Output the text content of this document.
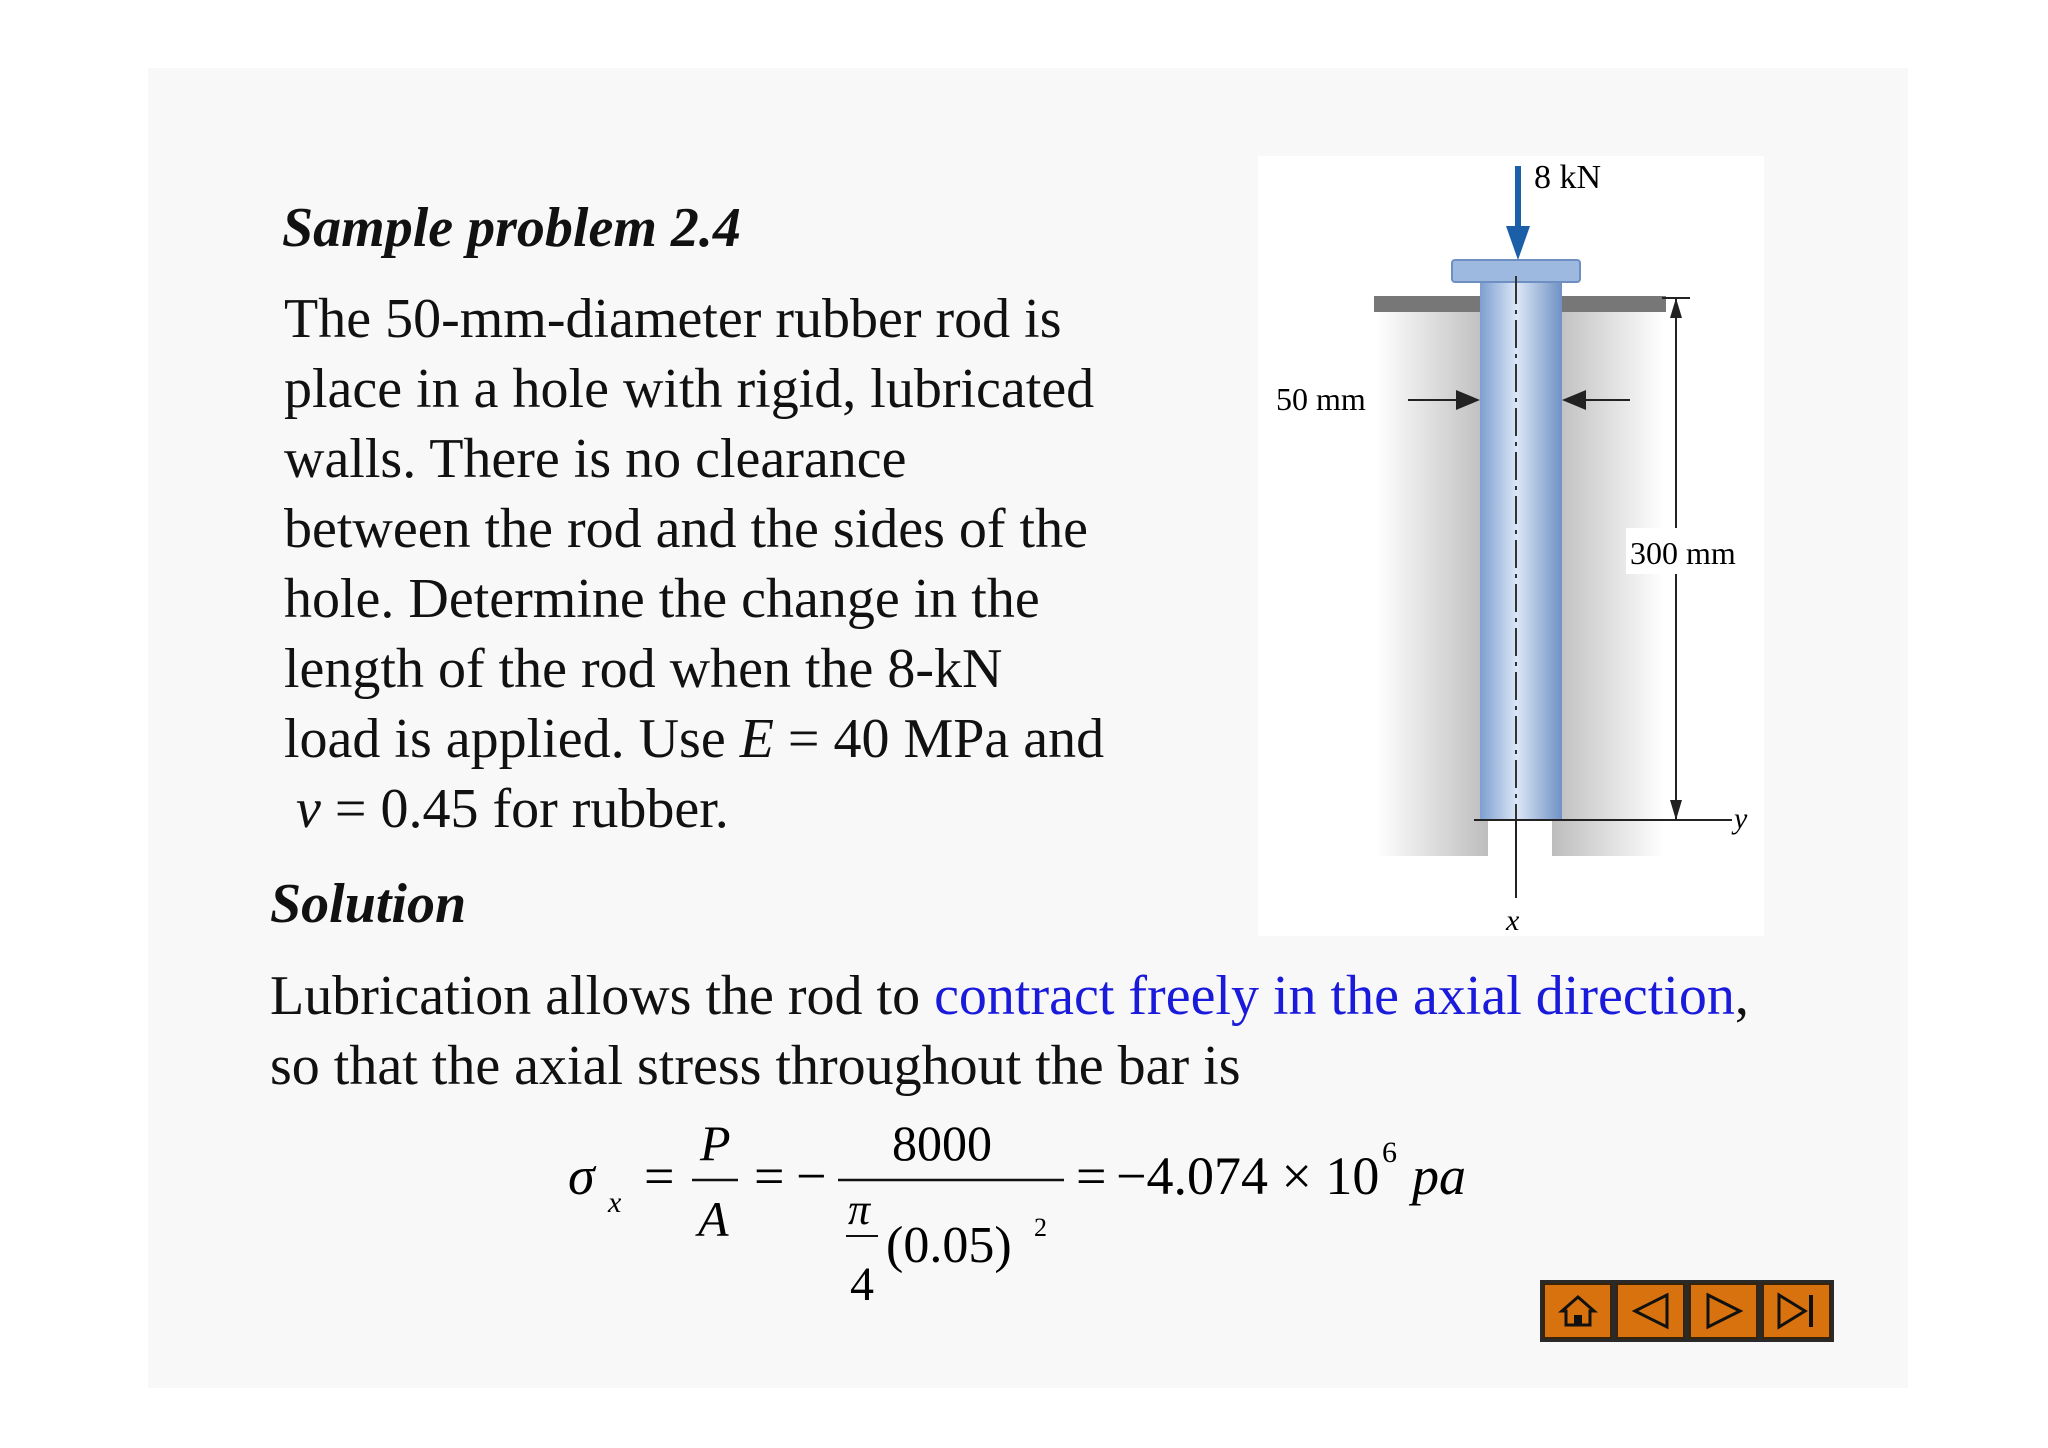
Sample problem 2.4
The 50-mm-diameter rubber rod is
place in a hole with rigid, lubricated
walls. There is no clearance
between the rod and the sides of the
hole. Determine the change in the
length of the rod when the 8-kN
load is applied. Use E = 40 MPa and
ν = 0.45 for rubber.
8 kN
50 mm
300 mm
x
y
Solution
Lubrication allows the rod to contract freely in the axial direction,
so that the axial stress throughout the bar is
σ x =
P
A
= −
8000
π
4
(0.05) 2
= −4.074 × 10 6 pa
